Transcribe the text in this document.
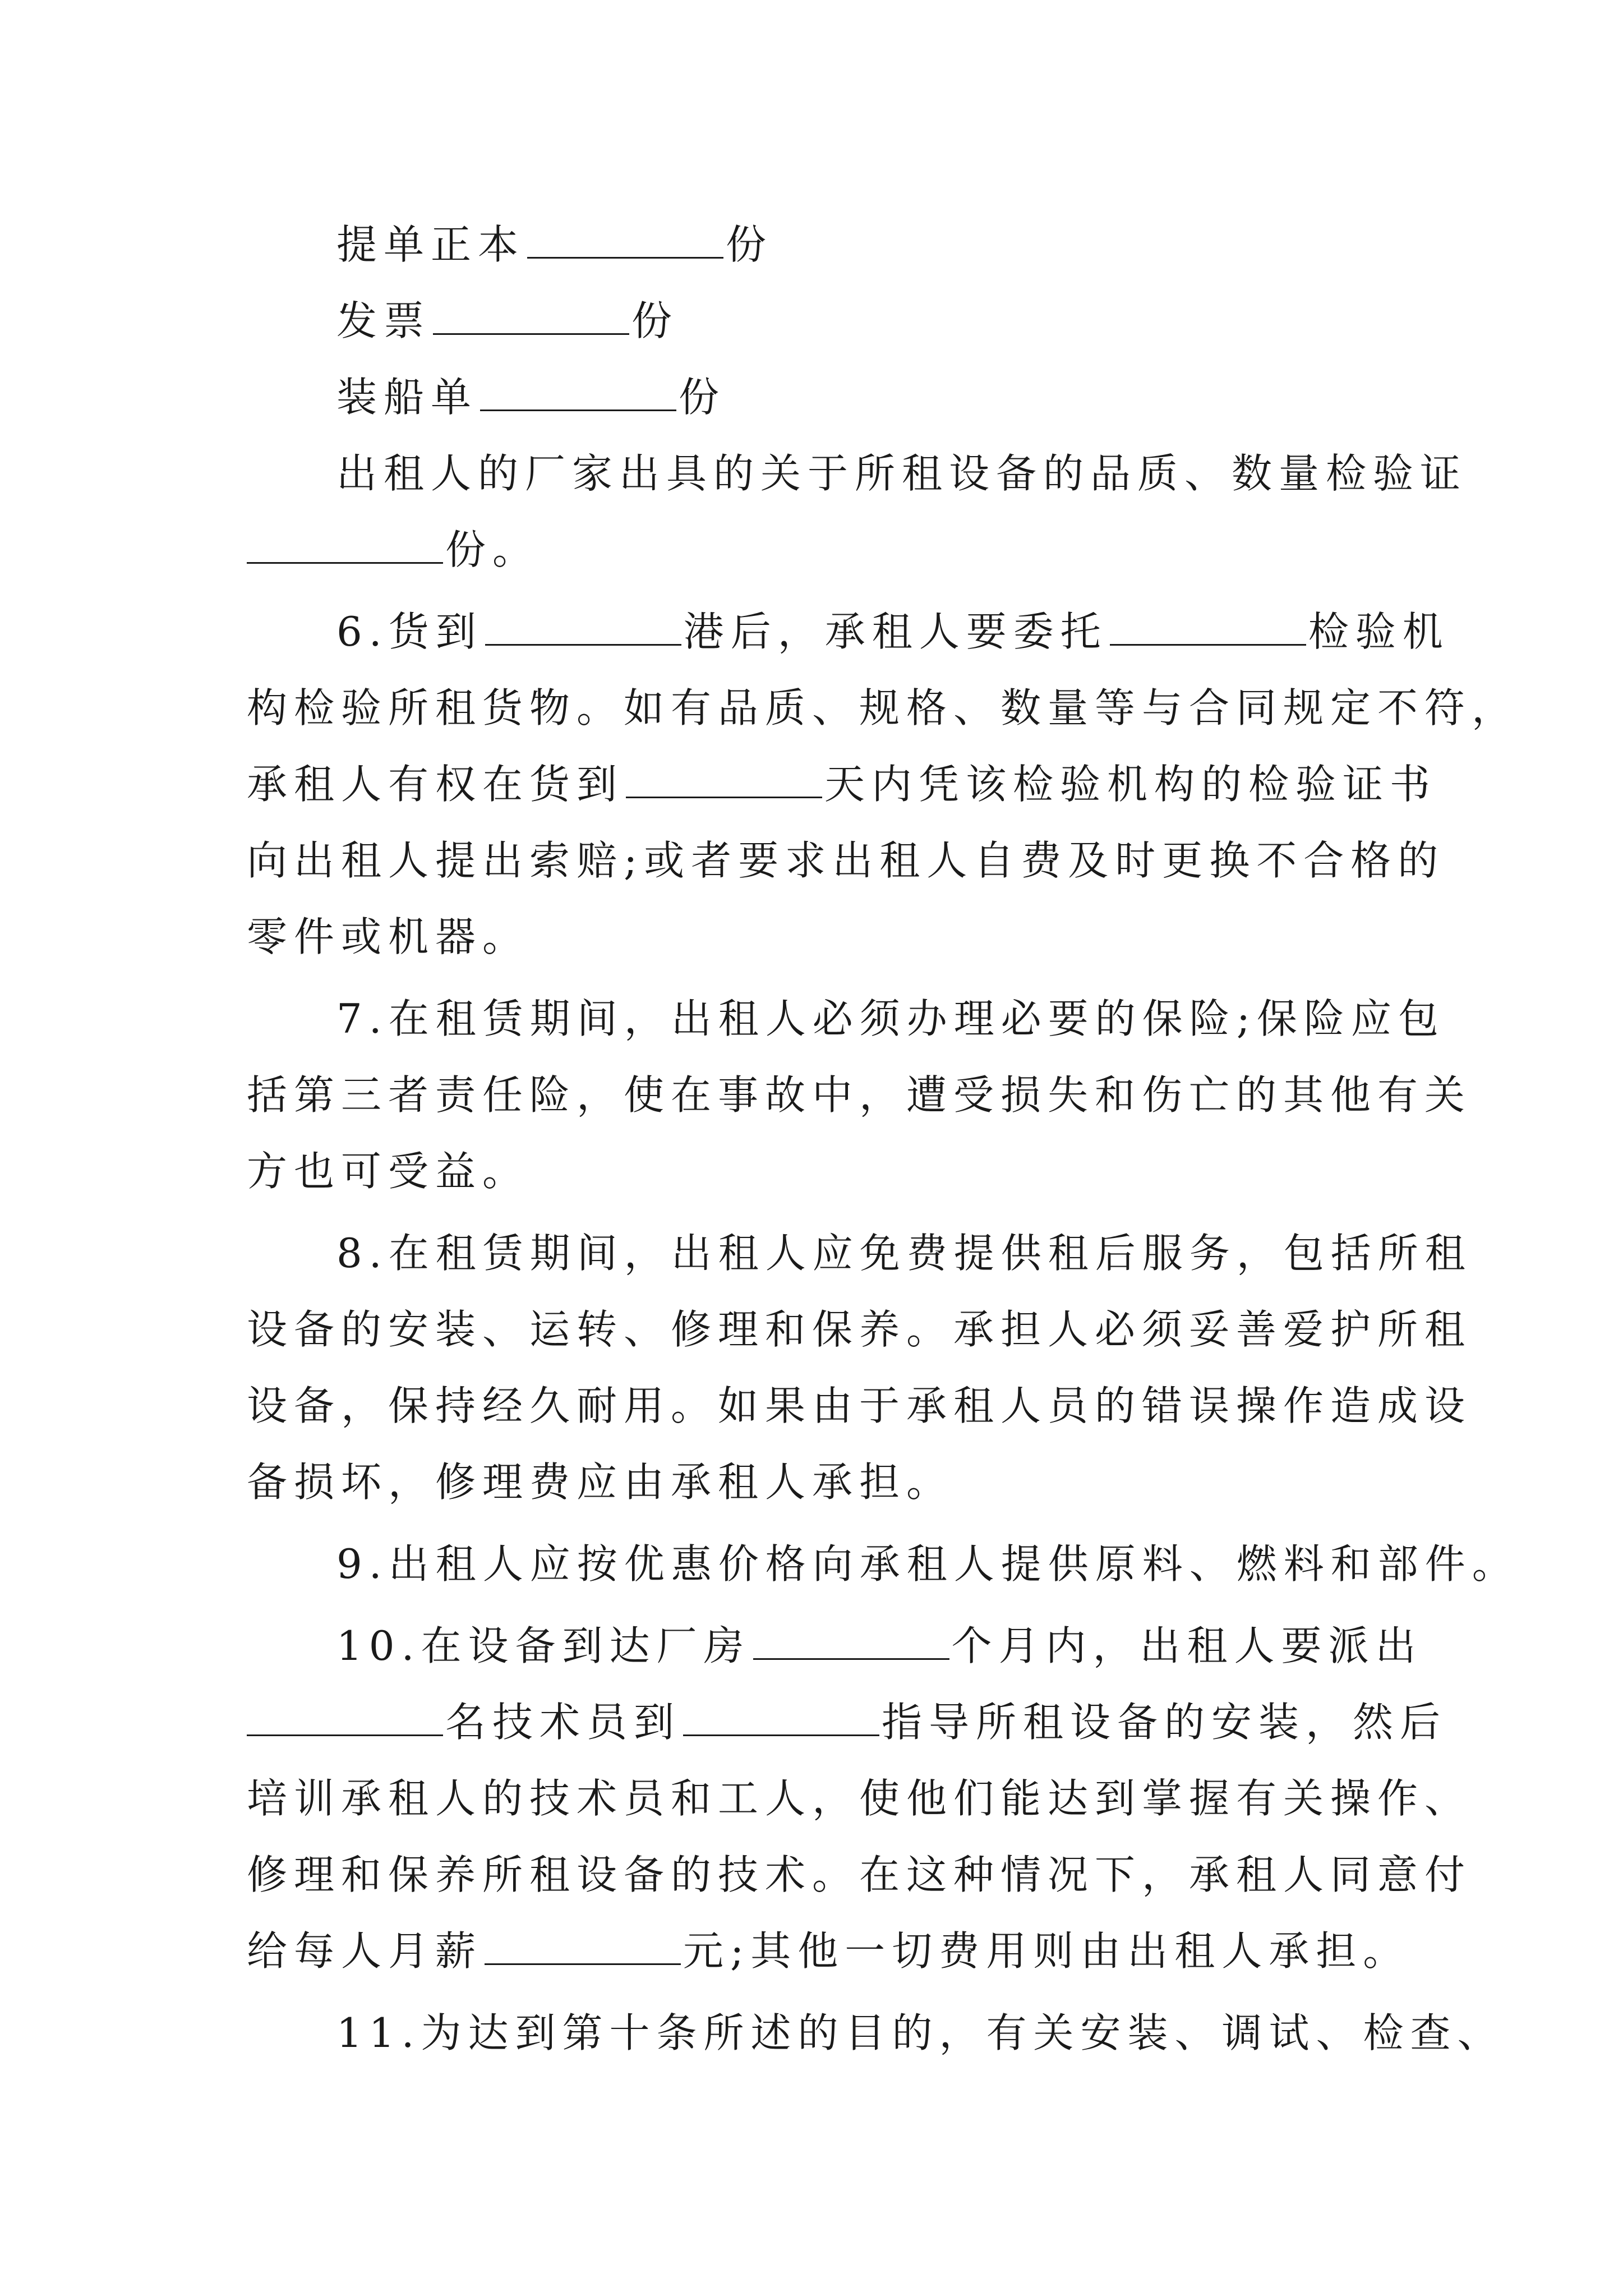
提单正本	份
发票	份
装船单	份
出租人的厂家出具的关于所租设备的品质、数量检验证
份。
6.货到	港后，承租人要委托	检验机
构检验所租货物。如有品质、规格、数量等与合同规定不符，
承租人有权在货到	天内凭该检验机构的检验证书
向出租人提出索赔;或者要求出租人自费及时更换不合格的
零件或机器。
7.在租赁期间，出租人必须办理必要的保险;保险应包
括第三者责任险，使在事故中，遭受损失和伤亡的其他有关
方也可受益。
8.在租赁期间，出租人应免费提供租后服务，包括所租
设备的安装、运转、修理和保养。承担人必须妥善爱护所租
设备，保持经久耐用。如果由于承租人员的错误操作造成设
备损坏，修理费应由承租人承担。
9.出租人应按优惠价格向承租人提供原料、燃料和部件。
10.在设备到达厂房	个月内，出租人要派出
名技术员到	指导所租设备的安装，然后
培训承租人的技术员和工人，使他们能达到掌握有关操作、
修理和保养所租设备的技术。在这种情况下，承租人同意付
给每人月薪	元;其他一切费用则由出租人承担。
11.为达到第十条所述的目的，有关安装、调试、检查、
